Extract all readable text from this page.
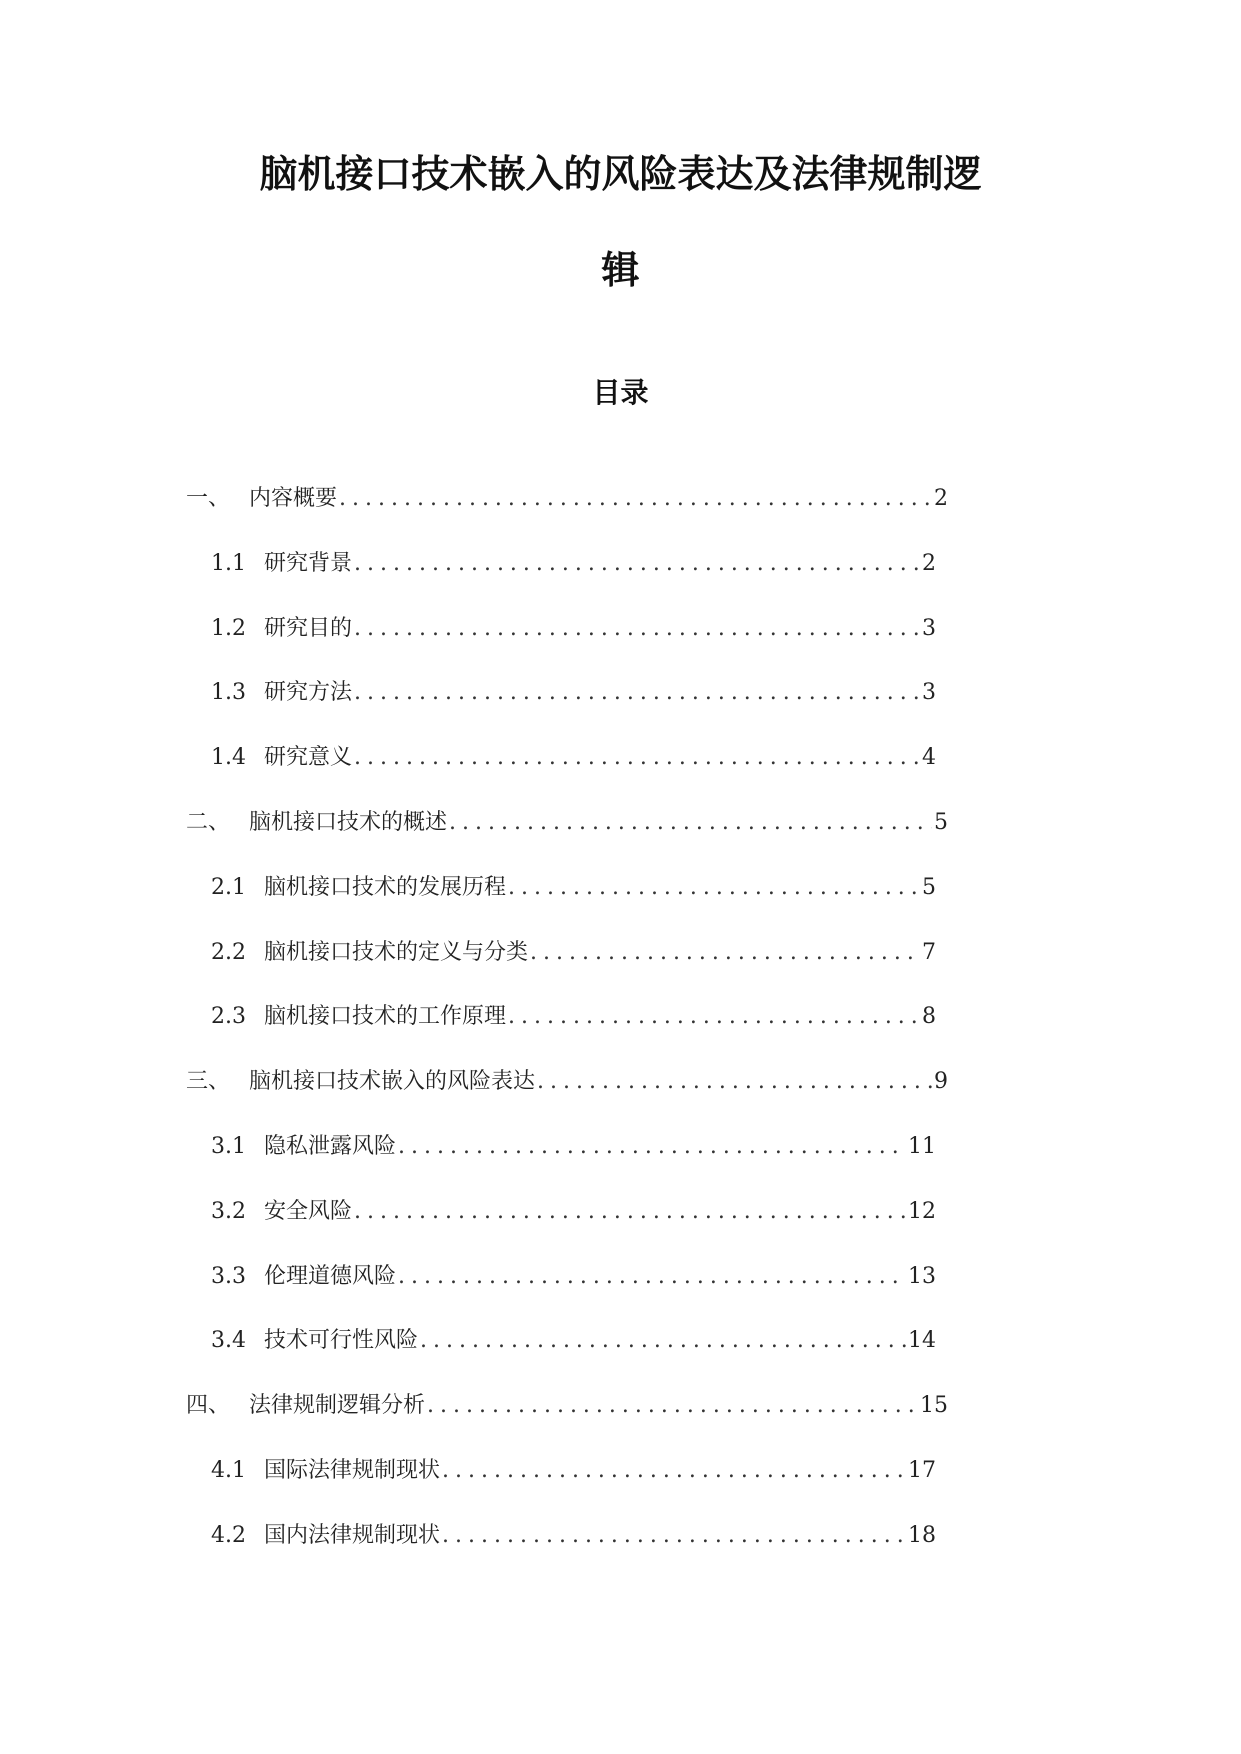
脑机接口技术嵌入的风险表达及法律规制逻
辑
目录
一、 内容概要 .....	2
1.1 研究背景 .....	2
1.2 研究目的 .....	3
1.3 研究方法 .....	3
1.4 研究意义 .....	4
二、 脑机接口技术的概述 .....	5
2.1 脑机接口技术的发展历程 .....	5
2.2 脑机接口技术的定义与分类 .....	7
2.3 脑机接口技术的工作原理 .....	8
三、 脑机接口技术嵌入的风险表达 .....	9
3.1 隐私泄露风险 .....	11
3.2 安全风险 .....	12
3.3 伦理道德风险 .....	13
3.4 技术可行性风险 .....	14
四、 法律规制逻辑分析 .....	15
4.1 国际法律规制现状 .....	17
4.2 国内法律规制现状 .....	18
